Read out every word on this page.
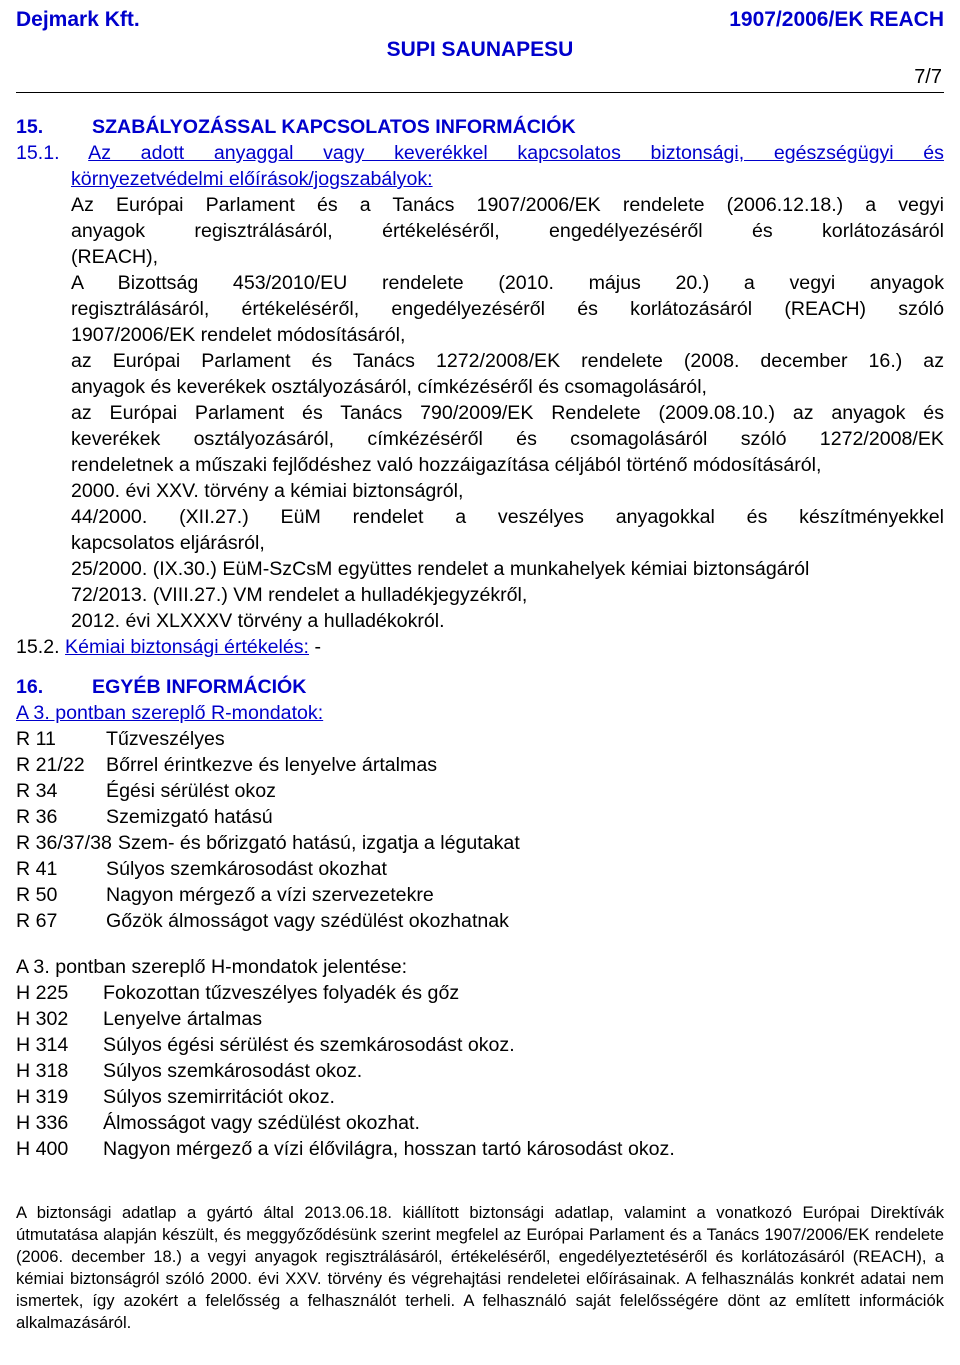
Dejmark Kft.	1907/2006/EK REACH
SUPI SAUNAPESU
7/7

15. SZABÁLYOZÁSSAL KAPCSOLATOS INFORMÁCIÓK

15.1. Az adott anyaggal vagy keverékkel kapcsolatos biztonsági, egészségügyi és

környezetvédelmi előírások/jogszabályok:

Az Európai Parlament és a Tanács 1907/2006/EK rendelete (2006.12.18.) a vegyi

anyagok regisztrálásáról, értékeléséről, engedélyezéséről és korlátozásáról

(REACH),

A Bizottság 453/2010/EU rendelete (2010. május 20.) a vegyi anyagok

regisztrálásáról, értékeléséről, engedélyezéséről és korlátozásáról (REACH) szóló

1907/2006/EK rendelet módosításáról,

az Európai Parlament és Tanács 1272/2008/EK rendelete (2008. december 16.) az

anyagok és keverékek osztályozásáról, címkézéséről és csomagolásáról,

az Európai Parlament és Tanács 790/2009/EK Rendelete (2009.08.10.) az anyagok és

keverékek osztályozásáról, címkézéséről és csomagolásáról szóló 1272/2008/EK

rendeletnek a műszaki fejlődéshez való hozzáigazítása céljából történő módosításáról,

2000. évi XXV. törvény a kémiai biztonságról,

44/2000. (XII.27.) EüM rendelet a veszélyes anyagokkal és készítményekkel

kapcsolatos eljárásról,

25/2000. (IX.30.) EüM-SzCsM együttes rendelet a munkahelyek kémiai biztonságáról

72/2013. (VIII.27.) VM rendelet a hulladékjegyzékről,

2012. évi XLXXXV törvény a hulladékokról.

15.2. Kémiai biztonsági értékelés: -

16. EGYÉB INFORMÁCIÓK

A 3. pontban szereplő R-mondatok:

R 11	Tűzveszélyes

R 21/22 Bőrrel érintkezve és lenyelve ártalmas

R 34 Égési sérülést okoz

R 36 Szemizgató hatású

R 36/37/38 Szem- és bőrizgató hatású, izgatja a légutakat

R 41 Súlyos szemkárosodást okozhat

R 50 Nagyon mérgező a vízi szervezetekre

R 67 Gőzök álmosságot vagy szédülést okozhatnak

A 3. pontban szereplő H-mondatok jelentése:

H 225 Fokozottan tűzveszélyes folyadék és gőz

H 302 Lenyelve ártalmas

H 314 Súlyos égési sérülést és szemkárosodást okoz.

H 318 Súlyos szemkárosodást okoz.

H 319 Súlyos szemirritációt okoz.

H 336 Álmosságot vagy szédülést okozhat.

H 400 Nagyon mérgező a vízi élővilágra, hosszan tartó károsodást okoz.

A biztonsági adatlap a gyártó által 2013.06.18. kiállított biztonsági adatlap, valamint a vonatkozó Európai Direktívák útmutatása alapján készült, és meggyőződésünk szerint megfelel az Európai Parlament és a Tanács 1907/2006/EK rendelete (2006. december 18.) a vegyi anyagok regisztrálásáról, értékeléséről, engedélyeztetéséről és korlátozásáról (REACH), a kémiai biztonságról szóló 2000. évi XXV. törvény és végrehajtási rendeletei előírásainak. A felhasználás konkrét adatai nem ismertek, így azokért a felelősség a felhasználót terheli. A felhasználó saját felelősségére dönt az említett információk alkalmazásáról.
